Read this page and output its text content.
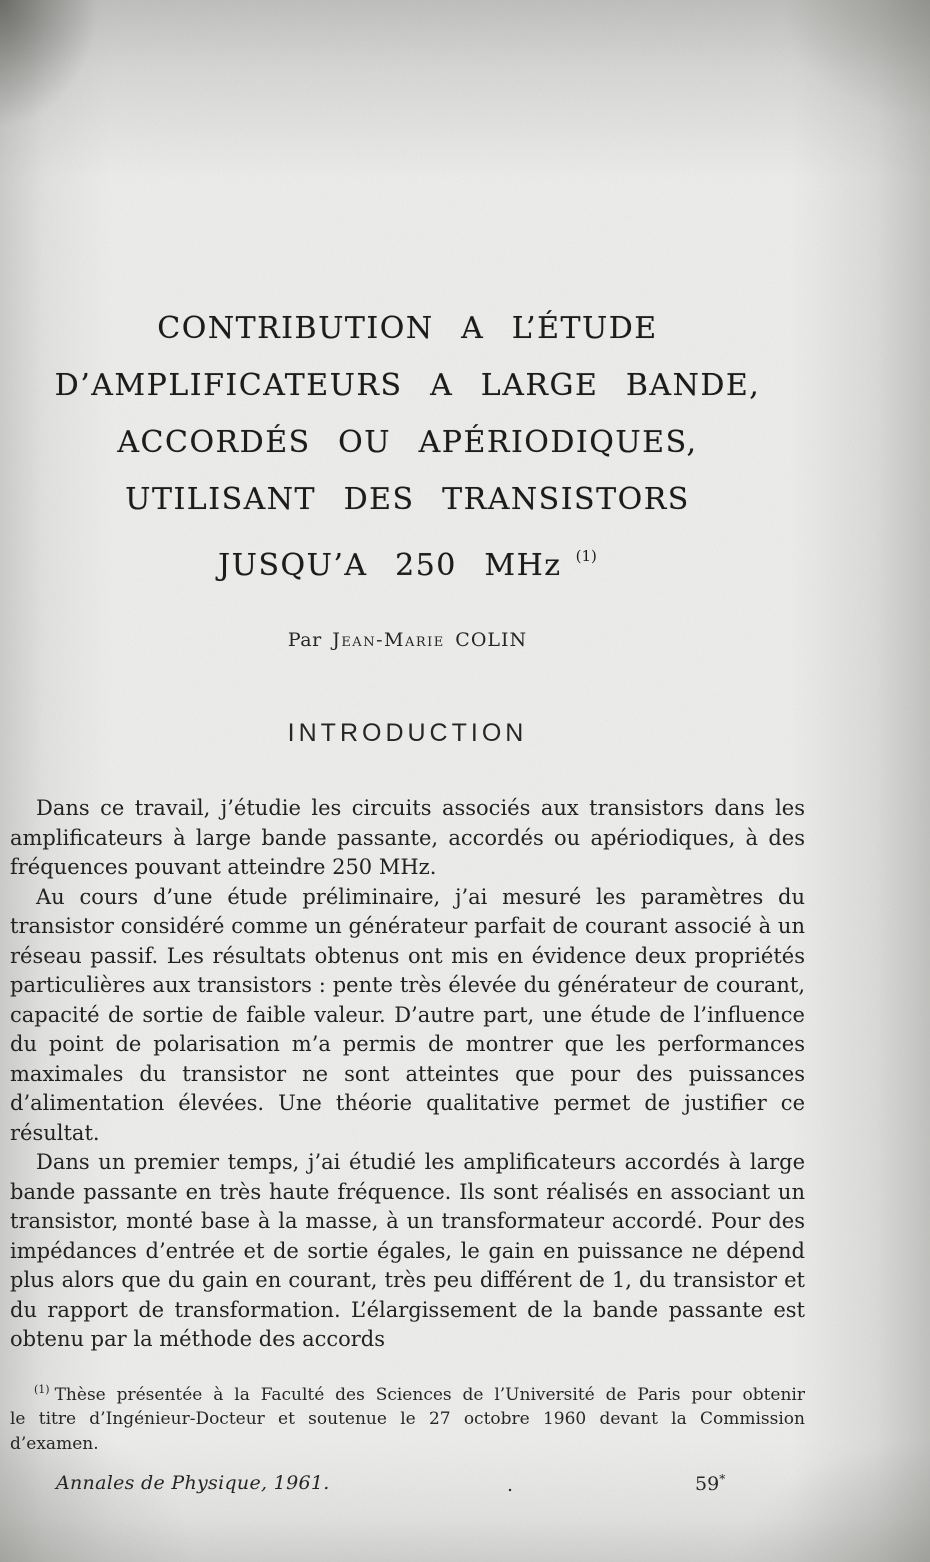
CONTRIBUTION A L’ÉTUDE
D’AMPLIFICATEURS A LARGE BANDE,
ACCORDÉS OU APÉRIODIQUES,
UTILISANT DES TRANSISTORS
JUSQU’A 250 MHz $^{(1)}$
Par Jean-Marie COLIN
INTRODUCTION

Dans ce travail, j’étudie les circuits associés aux transistors dans les amplificateurs à large bande passante, accordés ou apériodiques, à des fréquences pouvant atteindre 250 MHz.

Au cours d’une étude préliminaire, j’ai mesuré les paramètres du transistor considéré comme un générateur parfait de courant associé à un réseau passif. Les résultats obtenus ont mis en évidence deux propriétés particulières aux transistors : pente très élevée du générateur de courant, capacité de sortie de faible valeur. D’autre part, une étude de l’influence du point de polarisation m’a permis de montrer que les performances maximales du transistor ne sont atteintes que pour des puissances d’alimentation élevées. Une théorie qualitative permet de justifier ce résultat.

Dans un premier temps, j’ai étudié les amplificateurs accordés à large bande passante en très haute fréquence. Ils sont réalisés en associant un transistor, monté base à la masse, à un transformateur accordé. Pour des impédances d’entrée et de sortie égales, le gain en puissance ne dépend plus alors que du gain en courant, très peu différent de 1, du transistor et du rapport de transformation. L’élargissement de la bande passante est obtenu par la méthode des accords

$^{(1)}$ Thèse présentée à la Faculté des Sciences de l’Université de Paris pour obtenir le titre d’Ingénieur-Docteur et soutenue le 27 octobre 1960 devant la Commission d’examen.
Annales de Physique, 1961.	.	59*
